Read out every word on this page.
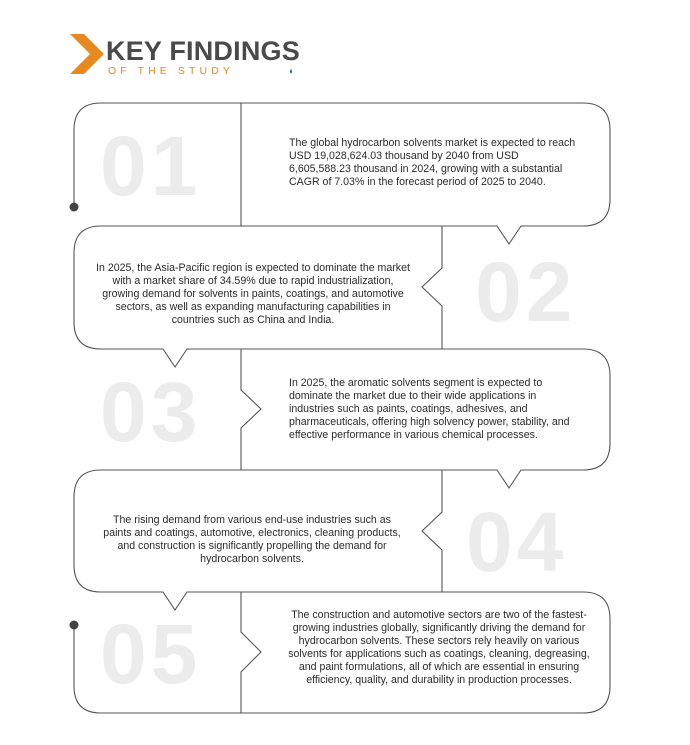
KEY FINDINGS
OF THE STUDY	◖
01	The global hydrocarbon solvents market is expected to reach USD 19,028,624.03 thousand by 2040 from USD 6,605,588.23 thousand in 2024, growing with a substantial CAGR of 7.03% in the forecast period of 2025 to 2040.
In 2025, the Asia-Pacific region is expected to dominate the market with a market share of 34.59% due to rapid industrialization, growing demand for solvents in paints, coatings, and automotive sectors, as well as expanding manufacturing capabilities in countries such as China and India.	02
03	In 2025, the aromatic solvents segment is expected to dominate the market due to their wide applications in industries such as paints, coatings, adhesives, and pharmaceuticals, offering high solvency power, stability, and effective performance in various chemical processes.
The rising demand from various end-use industries such as paints and coatings, automotive, electronics, cleaning products, and construction is significantly propelling the demand for hydrocarbon solvents.	04
05	The construction and automotive sectors are two of the fastest-growing industries globally, significantly driving the demand for hydrocarbon solvents. These sectors rely heavily on various solvents for applications such as coatings, cleaning, degreasing, and paint formulations, all of which are essential in ensuring efficiency, quality, and durability in production processes.
